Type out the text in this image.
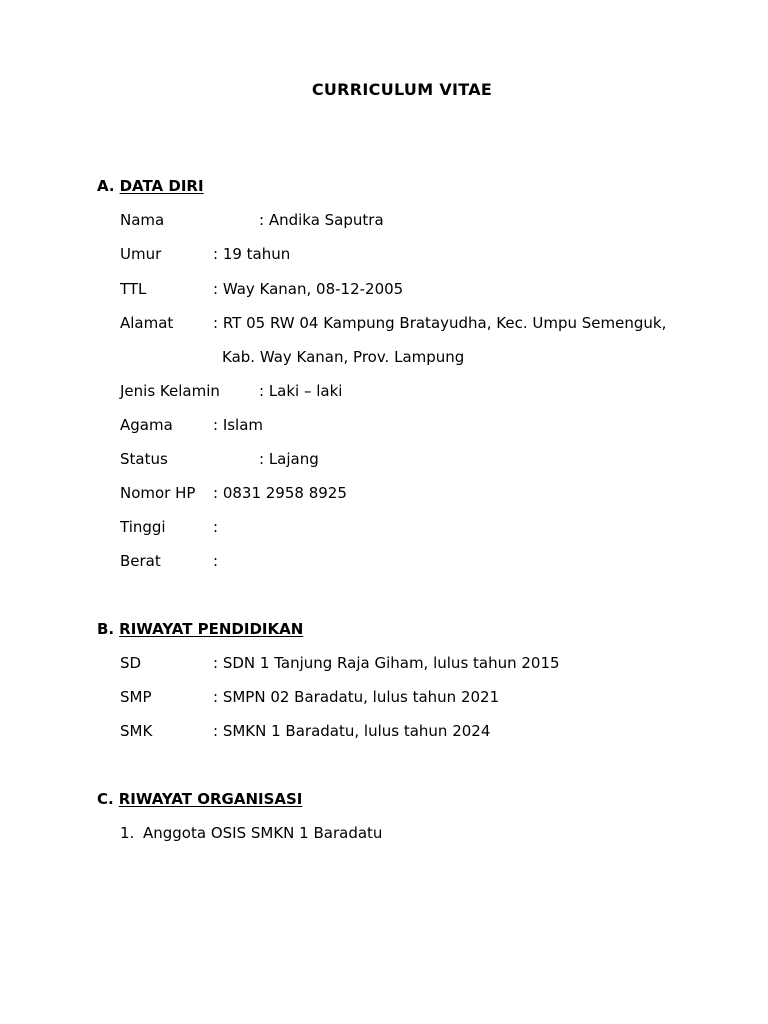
CURRICULUM VITAE
A. DATA DIRI
Nama	: Andika Saputra
Umur	: 19 tahun
TTL	: Way Kanan, 08-12-2005
Alamat	: RT 05 RW 04 Kampung Bratayudha, Kec. Umpu Semenguk,
Kab. Way Kanan, Prov. Lampung
Jenis Kelamin	: Laki – laki
Agama	: Islam
Status	: Lajang
Nomor HP : 0831 2958 8925
Tinggi	:
Berat	:
B. RIWAYAT PENDIDIKAN
SD	: SDN 1 Tanjung Raja Giham, lulus tahun 2015
SMP	: SMPN 02 Baradatu, lulus tahun 2021
SMK	: SMKN 1 Baradatu, lulus tahun 2024
C. RIWAYAT ORGANISASI
1. Anggota OSIS SMKN 1 Baradatu
